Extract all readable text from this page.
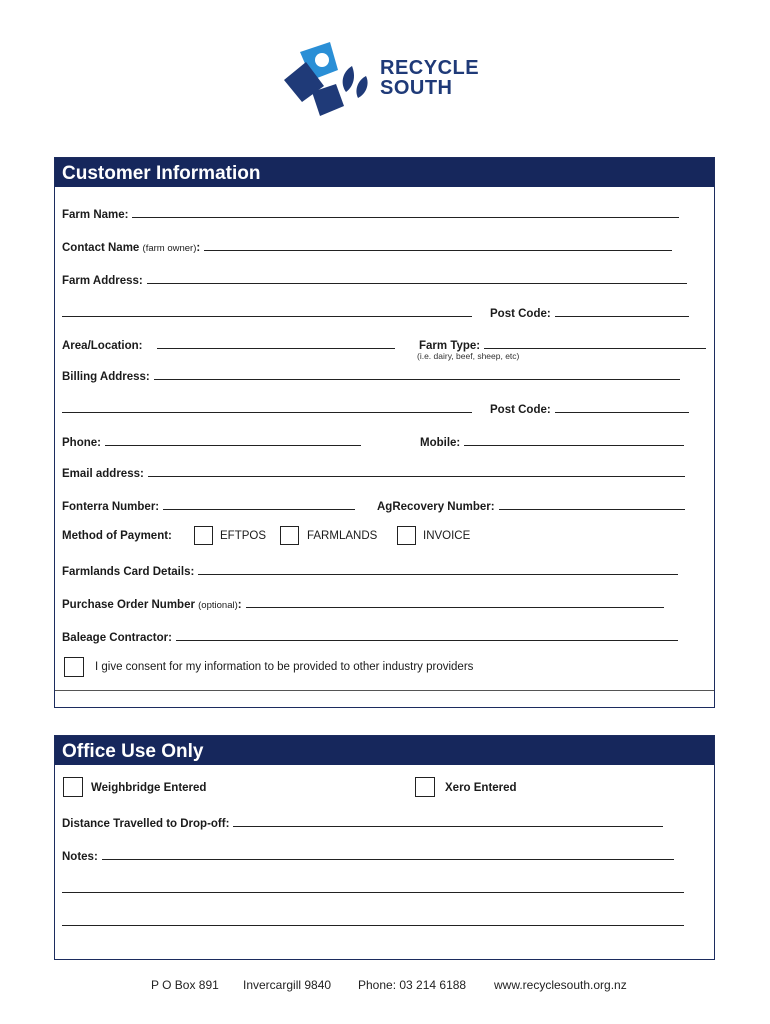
RECYCLE
SOUTH
Customer Information
Farm Name:
Contact Name (farm owner):
Farm Address:
Post Code:
Area/Location:	Farm Type:
(i.e. dairy, beef, sheep, etc)
Billing Address:
Post Code:
Phone:	Mobile:
Email address:
Fonterra Number:	AgRecovery Number:
Method of Payment:	EFTPOS	FARMLANDS	INVOICE
Farmlands Card Details:
Purchase Order Number (optional):
Baleage Contractor:
I give consent for my information to be provided to other industry providers
Office Use Only
Weighbridge Entered	Xero Entered
Distance Travelled to Drop-off:
Notes:
P O Box 891 Invercargill 9840 Phone: 03 214 6188 www.recyclesouth.org.nz
